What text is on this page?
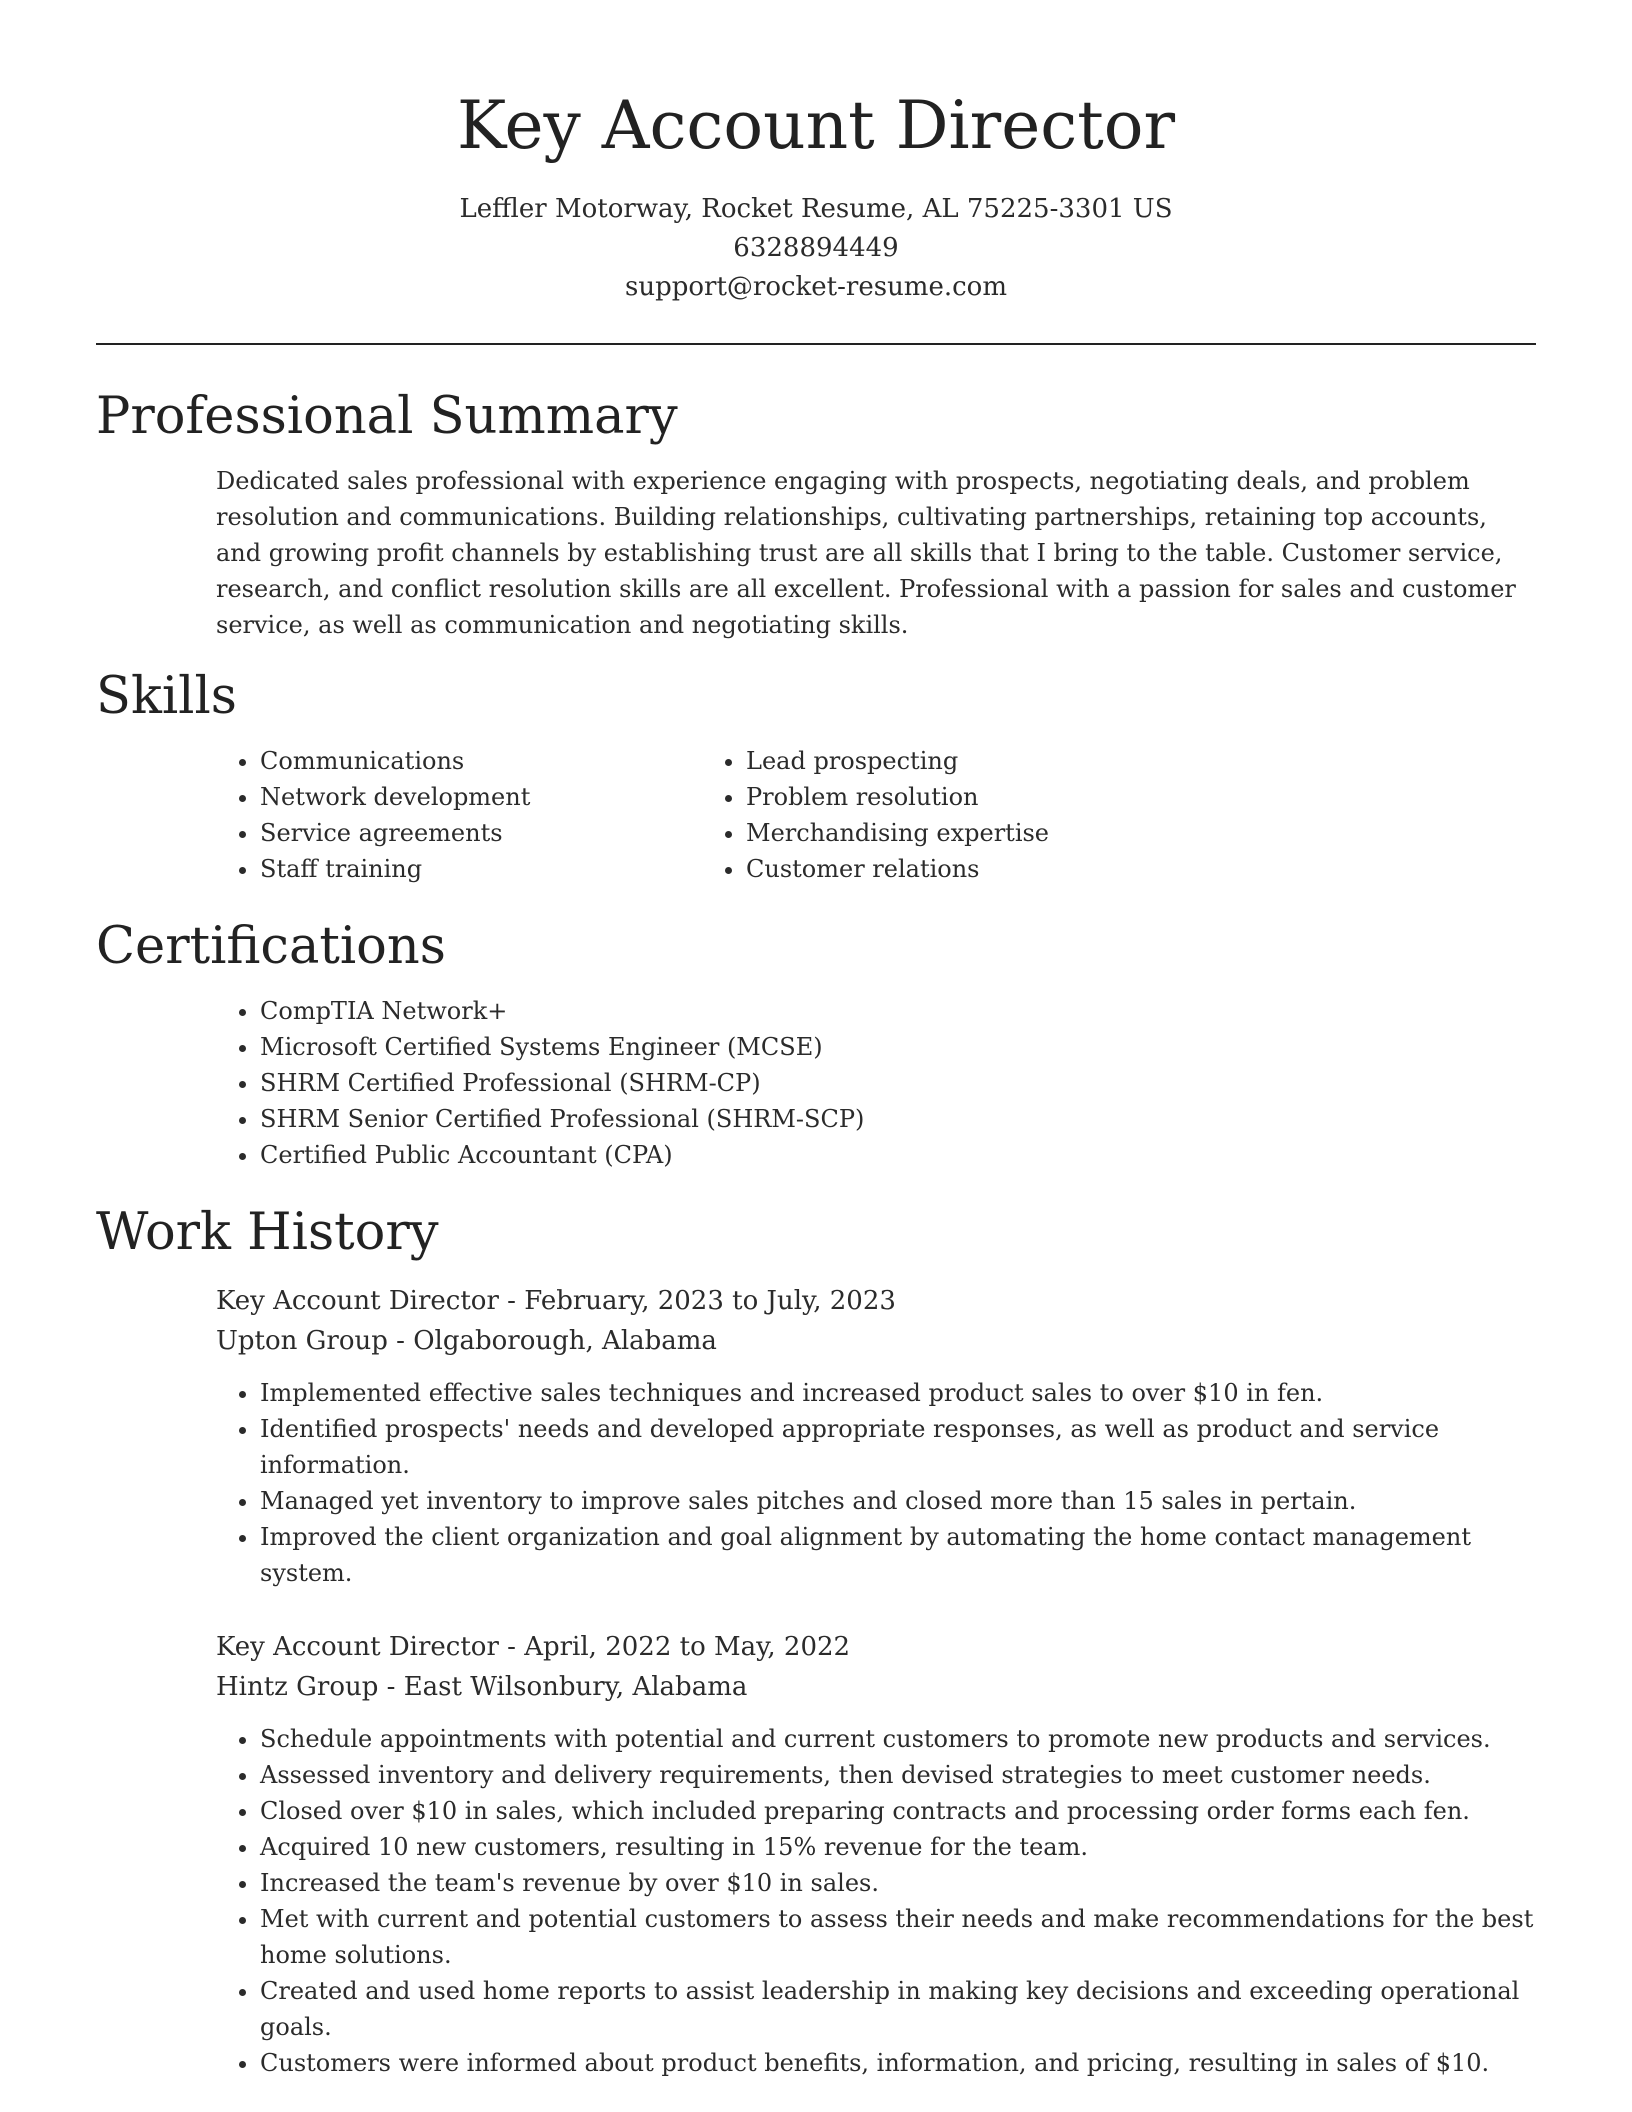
Key Account Director
Leffler Motorway, Rocket Resume, AL 75225-3301 US
6328894449
support@rocket-resume.com
Professional Summary

Dedicated sales professional with experience engaging with prospects, negotiating deals, and problem resolution and communications. Building relationships, cultivating partnerships, retaining top accounts, and growing profit channels by establishing trust are all skills that I bring to the table. Customer service, research, and conflict resolution skills are all excellent. Professional with a passion for sales and customer service, as well as communication and negotiating skills.

Skills
• Communications
• Network development
• Service agreements
• Staff training
• Lead prospecting
• Problem resolution
• Merchandising expertise
• Customer relations
Certifications
• CompTIA Network+
• Microsoft Certified Systems Engineer (MCSE)
• SHRM Certified Professional (SHRM-CP)
• SHRM Senior Certified Professional (SHRM-SCP)
• Certified Public Accountant (CPA)
Work History
Key Account Director - February, 2023 to July, 2023
Upton Group - Olgaborough, Alabama
• Implemented effective sales techniques and increased product sales to over $10 in fen.
• Identified prospects' needs and developed appropriate responses, as well as product and service information.
• Managed yet inventory to improve sales pitches and closed more than 15 sales in pertain.
• Improved the client organization and goal alignment by automating the home contact management system.
Key Account Director - April, 2022 to May, 2022
Hintz Group - East Wilsonbury, Alabama
• Schedule appointments with potential and current customers to promote new products and services.
• Assessed inventory and delivery requirements, then devised strategies to meet customer needs.
• Closed over $10 in sales, which included preparing contracts and processing order forms each fen.
• Acquired 10 new customers, resulting in 15% revenue for the team.
• Increased the team's revenue by over $10 in sales.
• Met with current and potential customers to assess their needs and make recommendations for the best home solutions.
• Created and used home reports to assist leadership in making key decisions and exceeding operational goals.
• Customers were informed about product benefits, information, and pricing, resulting in sales of $10.
